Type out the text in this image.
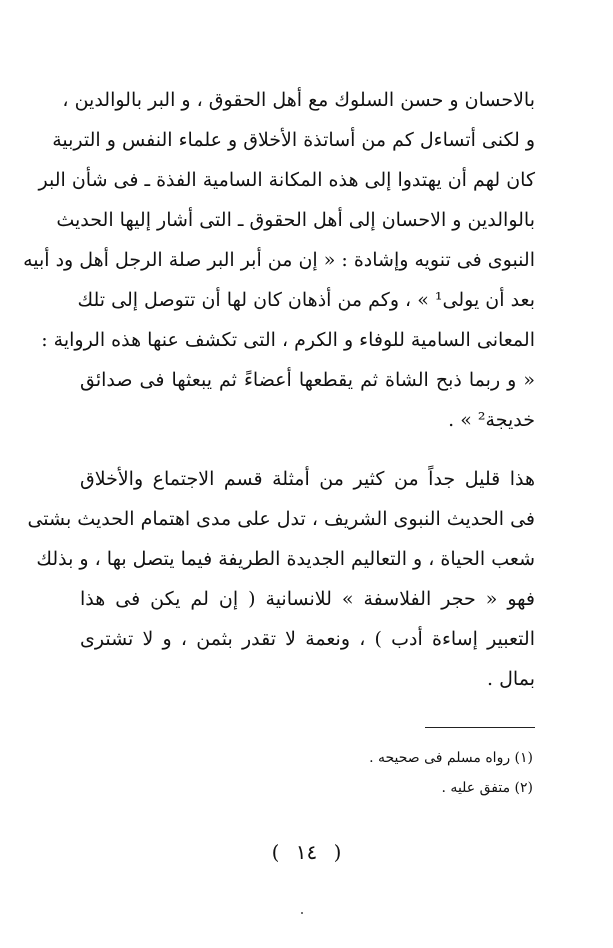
بالاحسان و حسن السلوك مع أهل الحقوق ، و البر بالوالدين ،
و لكنى أتساءل كم من أساتذة الأخلاق و علماء النفس و التربية
كان لهم أن يهتدوا إلى هذه المكانة السامية الفذة ـ فى شأن البر
بالوالدين و الاحسان إلى أهل الحقوق ـ التى أشار إليها الحديث
النبوى فى تنويه وإشادة : « إن من أبر البر صلة الرجل أهل ود أبيه
بعد أن يولى¹ » ، وكم من أذهان كان لها أن تتوصل إلى تلك
المعانى السامية للوفاء و الكرم ، التى تكشف عنها هذه الرواية :
« و ربما ذبح الشاة ثم يقطعها أعضاءً ثم يبعثها فى صدائق
خديجة² » .
هذا قليل جداً من كثير من أمثلة قسم الاجتماع والأخلاق
فى الحديث النبوى الشريف ، تدل على مدى اهتمام الحديث بشتى
شعب الحياة ، و التعاليم الجديدة الطريفة فيما يتصل بها ، و بذلك
فهو « حجر الفلاسفة » للانسانية ( إن لم يكن فى هذا
التعبير إساءة أدب ) ، ونعمة لا تقدر بثمن ، و لا تشترى
بمال .
(١) رواه مسلم فى صحيحه .
(٢) متفق عليه .
( ١٤ )
